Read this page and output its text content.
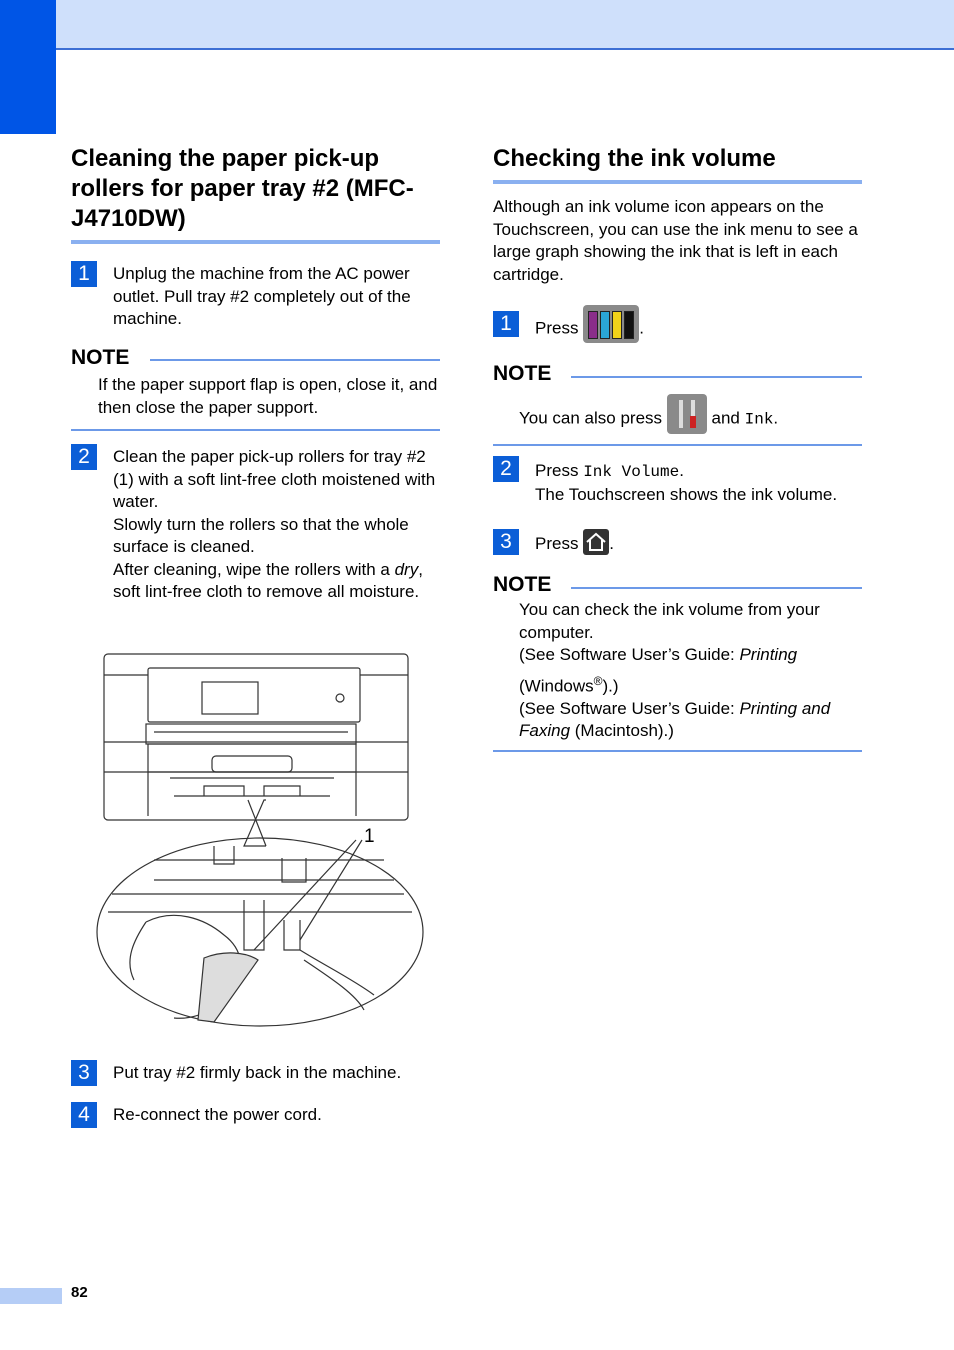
Cleaning the paper pick-up rollers for paper tray #2 (MFC-J4710DW)
1	Unplug the machine from the AC power outlet. Pull tray #2 completely out of the machine.

NOTE

If the paper support flap is open, close it, and then close the paper support.

2	Clean the paper pick-up rollers for tray #2 (1) with a soft lint-free cloth moistened with water.

Slowly turn the rollers so that the whole surface is cleaned.

After cleaning, wipe the rollers with a dry, soft lint-free cloth to remove all moisture.

1
3	Put tray #2 firmly back in the machine.

4	Re-connect the power cord.

Checking the ink volume

Although an ink volume icon appears on the Touchscreen, you can use the ink menu to see a large graph showing the ink that is left in each cartridge.

1	Press	.
NOTE
You can also press	and Ink.
2	Press Ink Volume.

The Touchscreen shows the ink volume.

3	Press .
NOTE

You can check the ink volume from your computer.

(See Software User’s Guide: Printing

(Windows®).)

(See Software User’s Guide: Printing and Faxing (Macintosh).)

82
